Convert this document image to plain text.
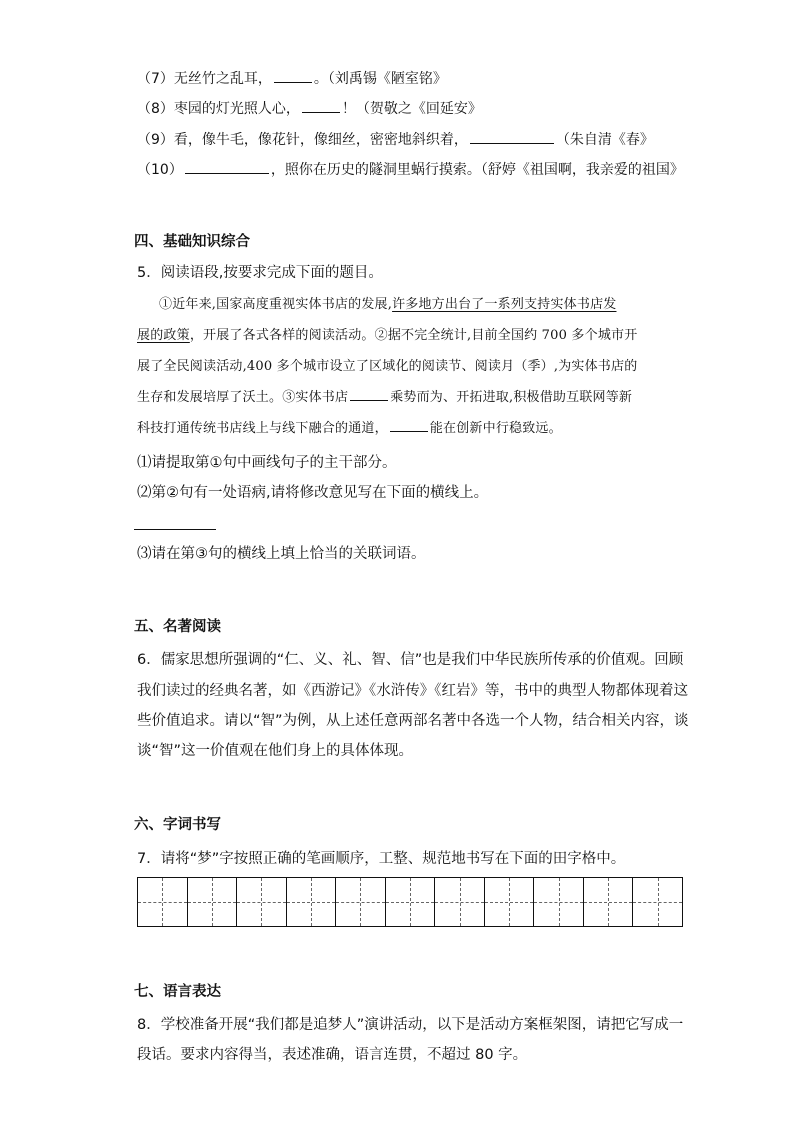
（7）无丝竹之乱耳，	。（刘禹锡《陋室铭》
（8）枣园的灯光照人心，	！（贺敬之《回延安》
（9）看，像牛毛，像花针，像细丝，密密地斜织着，	（朱自清《春》
（10）	，照你在历史的隧洞里蜗行摸索。（舒婷《祖国啊，我亲爱的祖国》
四、基础知识综合
5．阅读语段,按要求完成下面的题目。

①近年来,国家高度重视实体书店的发展,许多地方出台了一系列支持实体书店发

展的政策，开展了各式各样的阅读活动。②据不完全统计,目前全国约 700 多个城市开

展了全民阅读活动,400 多个城市设立了区域化的阅读节、阅读月（季）,为实体书店的

生存和发展培厚了沃土。③实体书店	乘势而为、开拓进取,积极借助互联网等新

科技打通传统书店线上与线下融合的通道，	能在创新中行稳致远。

⑴请提取第①句中画线句子的主干部分。
⑵第②句有一处语病,请将修改意见写在下面的横线上。
⑶请在第③句的横线上填上恰当的关联词语。
五、名著阅读
6．儒家思想所强调的“仁、义、礼、智、信”也是我们中华民族所传承的价值观。回顾
我们读过的经典名著，如《西游记》《水浒传》《红岩》等，书中的典型人物都体现着这
些价值追求。请以“智”为例，从上述任意两部名著中各选一个人物，结合相关内容，谈
谈“智”这一价值观在他们身上的具体体现。
六、字词书写
7．请将“梦”字按照正确的笔画顺序，工整、规范地书写在下面的田字格中。
七、语言表达
8．学校准备开展“我们都是追梦人”演讲活动，以下是活动方案框架图，请把它写成一
段话。要求内容得当，表述准确，语言连贯，不超过 80 字。
